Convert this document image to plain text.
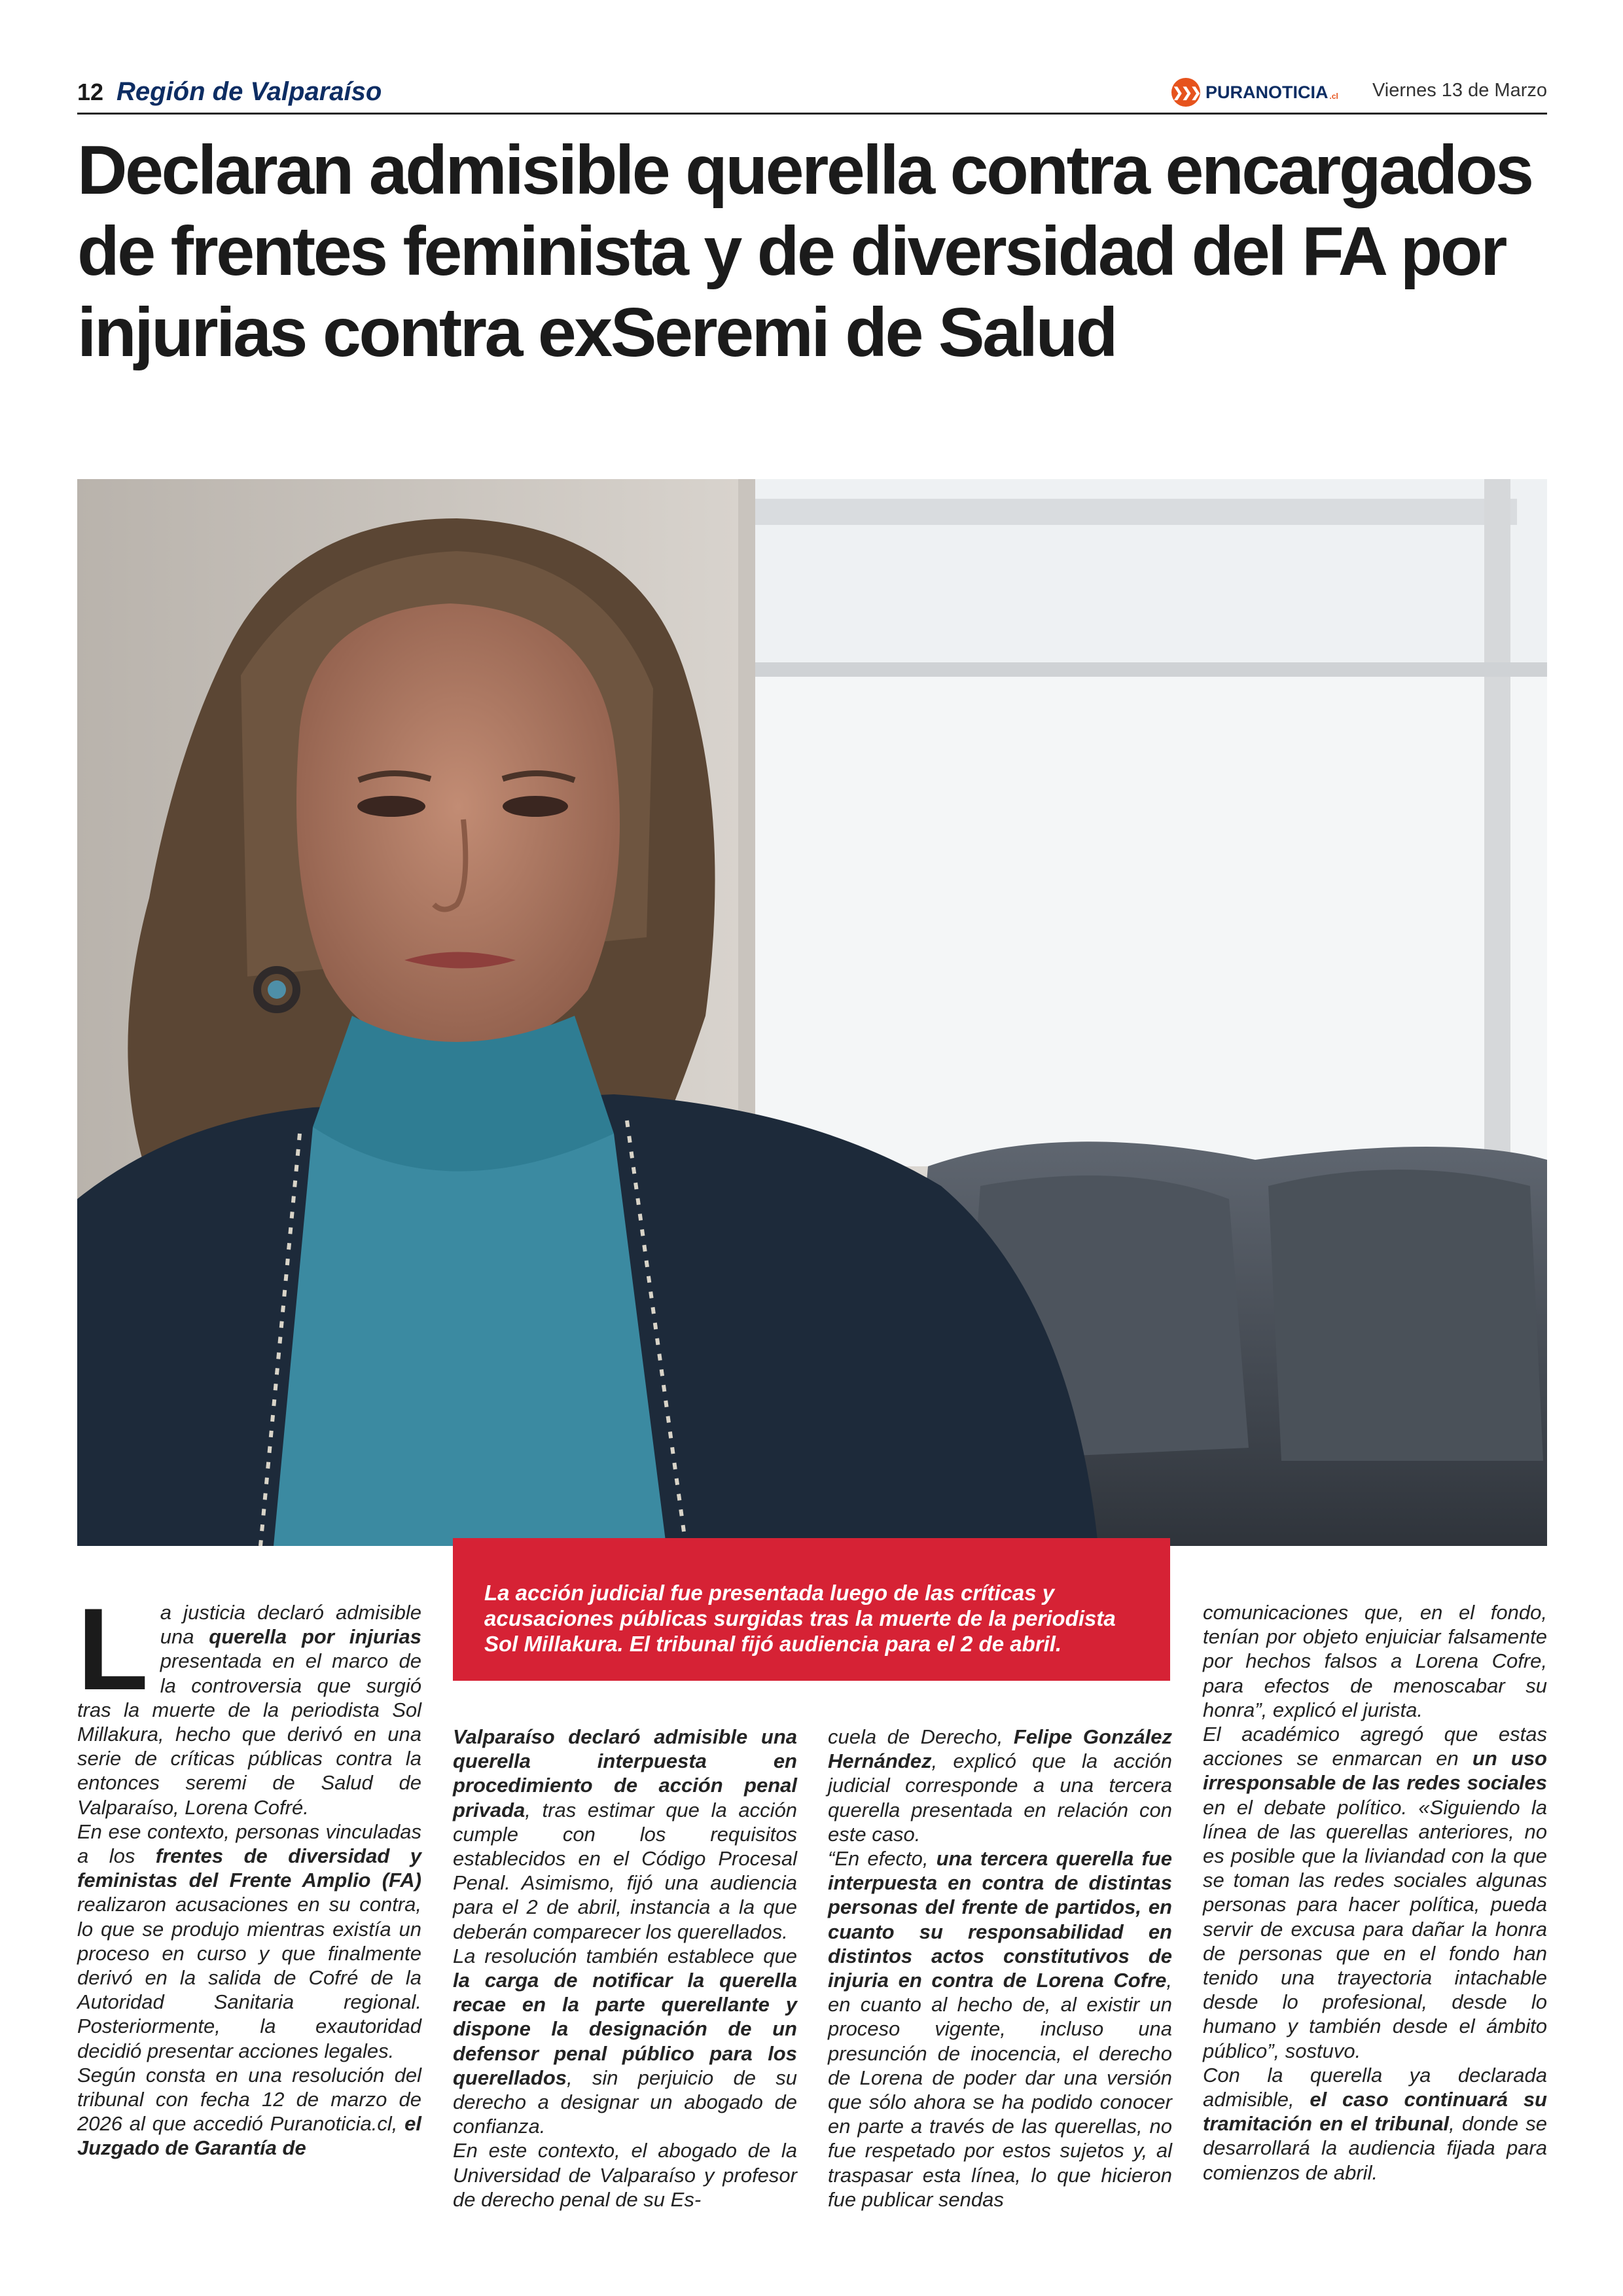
12 Región de Valparaíso	❯❯❯ PURANOTICIA .cl Viernes 13 de Marzo
Declaran admisible querella contra encargados de frentes feminista y de diversidad del FA por injurias contra exSeremi de Salud
La acción judicial fue presentada luego de las críticas y acusaciones públicas surgidas tras la muerte de la periodista Sol Millakura. El tribunal fijó audiencia para el 2 de abril.
L a justicia declaró admisible una querella por injurias presentada en el marco de la controversia que surgió tras la muerte de la periodista Sol Millakura, hecho que derivó en una serie de críticas públicas contra la entonces seremi de Salud de Valparaíso, Lorena Cofré.

En ese contexto, personas vinculadas a los frentes de diversidad y feministas del Frente Amplio (FA) realizaron acusaciones en su contra, lo que se produjo mientras existía un proceso en curso y que finalmente derivó en la salida de Cofré de la Autoridad Sanitaria regional. Posteriormente, la exautoridad decidió presentar acciones legales.

Según consta en una resolución del tribunal con fecha 12 de marzo de 2026 al que accedió Puranoticia.cl, el Juzgado de Garantía de

Valparaíso declaró admisible una querella interpuesta en procedimiento de acción penal privada, tras estimar que la acción cumple con los requisitos establecidos en el Código Procesal Penal. Asimismo, fijó una audiencia para el 2 de abril, instancia a la que deberán comparecer los querellados.

La resolución también establece que la carga de notificar la querella recae en la parte querellante y dispone la designación de un defensor penal público para los querellados, sin perjuicio de su derecho a designar un abogado de confianza.

En este contexto, el abogado de la Universidad de Valparaíso y profesor de derecho penal de su Es-

cuela de Derecho, Felipe González Hernández, explicó que la acción judicial corresponde a una tercera querella presentada en relación con este caso.

“En efecto, una tercera querella fue interpuesta en contra de distintas personas del frente de partidos, en cuanto su responsabilidad en distintos actos constitutivos de injuria en contra de Lorena Cofre, en cuanto al hecho de, al existir un proceso vigente, incluso una presunción de inocencia, el derecho de Lorena de poder dar una versión que sólo ahora se ha podido conocer en parte a través de las querellas, no fue respetado por estos sujetos y, al traspasar esta línea, lo que hicieron fue publicar sendas

comunicaciones que, en el fondo, tenían por objeto enjuiciar falsamente por hechos falsos a Lorena Cofre, para efectos de menoscabar su honra”, explicó el jurista.

El académico agregó que estas acciones se enmarcan en un uso irresponsable de las redes sociales en el debate político. «Siguiendo la línea de las querellas anteriores, no es posible que la liviandad con la que se toman las redes sociales algunas personas para hacer política, pueda servir de excusa para dañar la honra de personas que en el fondo han tenido una trayectoria intachable desde lo profesional, desde lo humano y también desde el ámbito público”, sostuvo.

Con la querella ya declarada admisible, el caso continuará su tramitación en el tribunal, donde se desarrollará la audiencia fijada para comienzos de abril.
